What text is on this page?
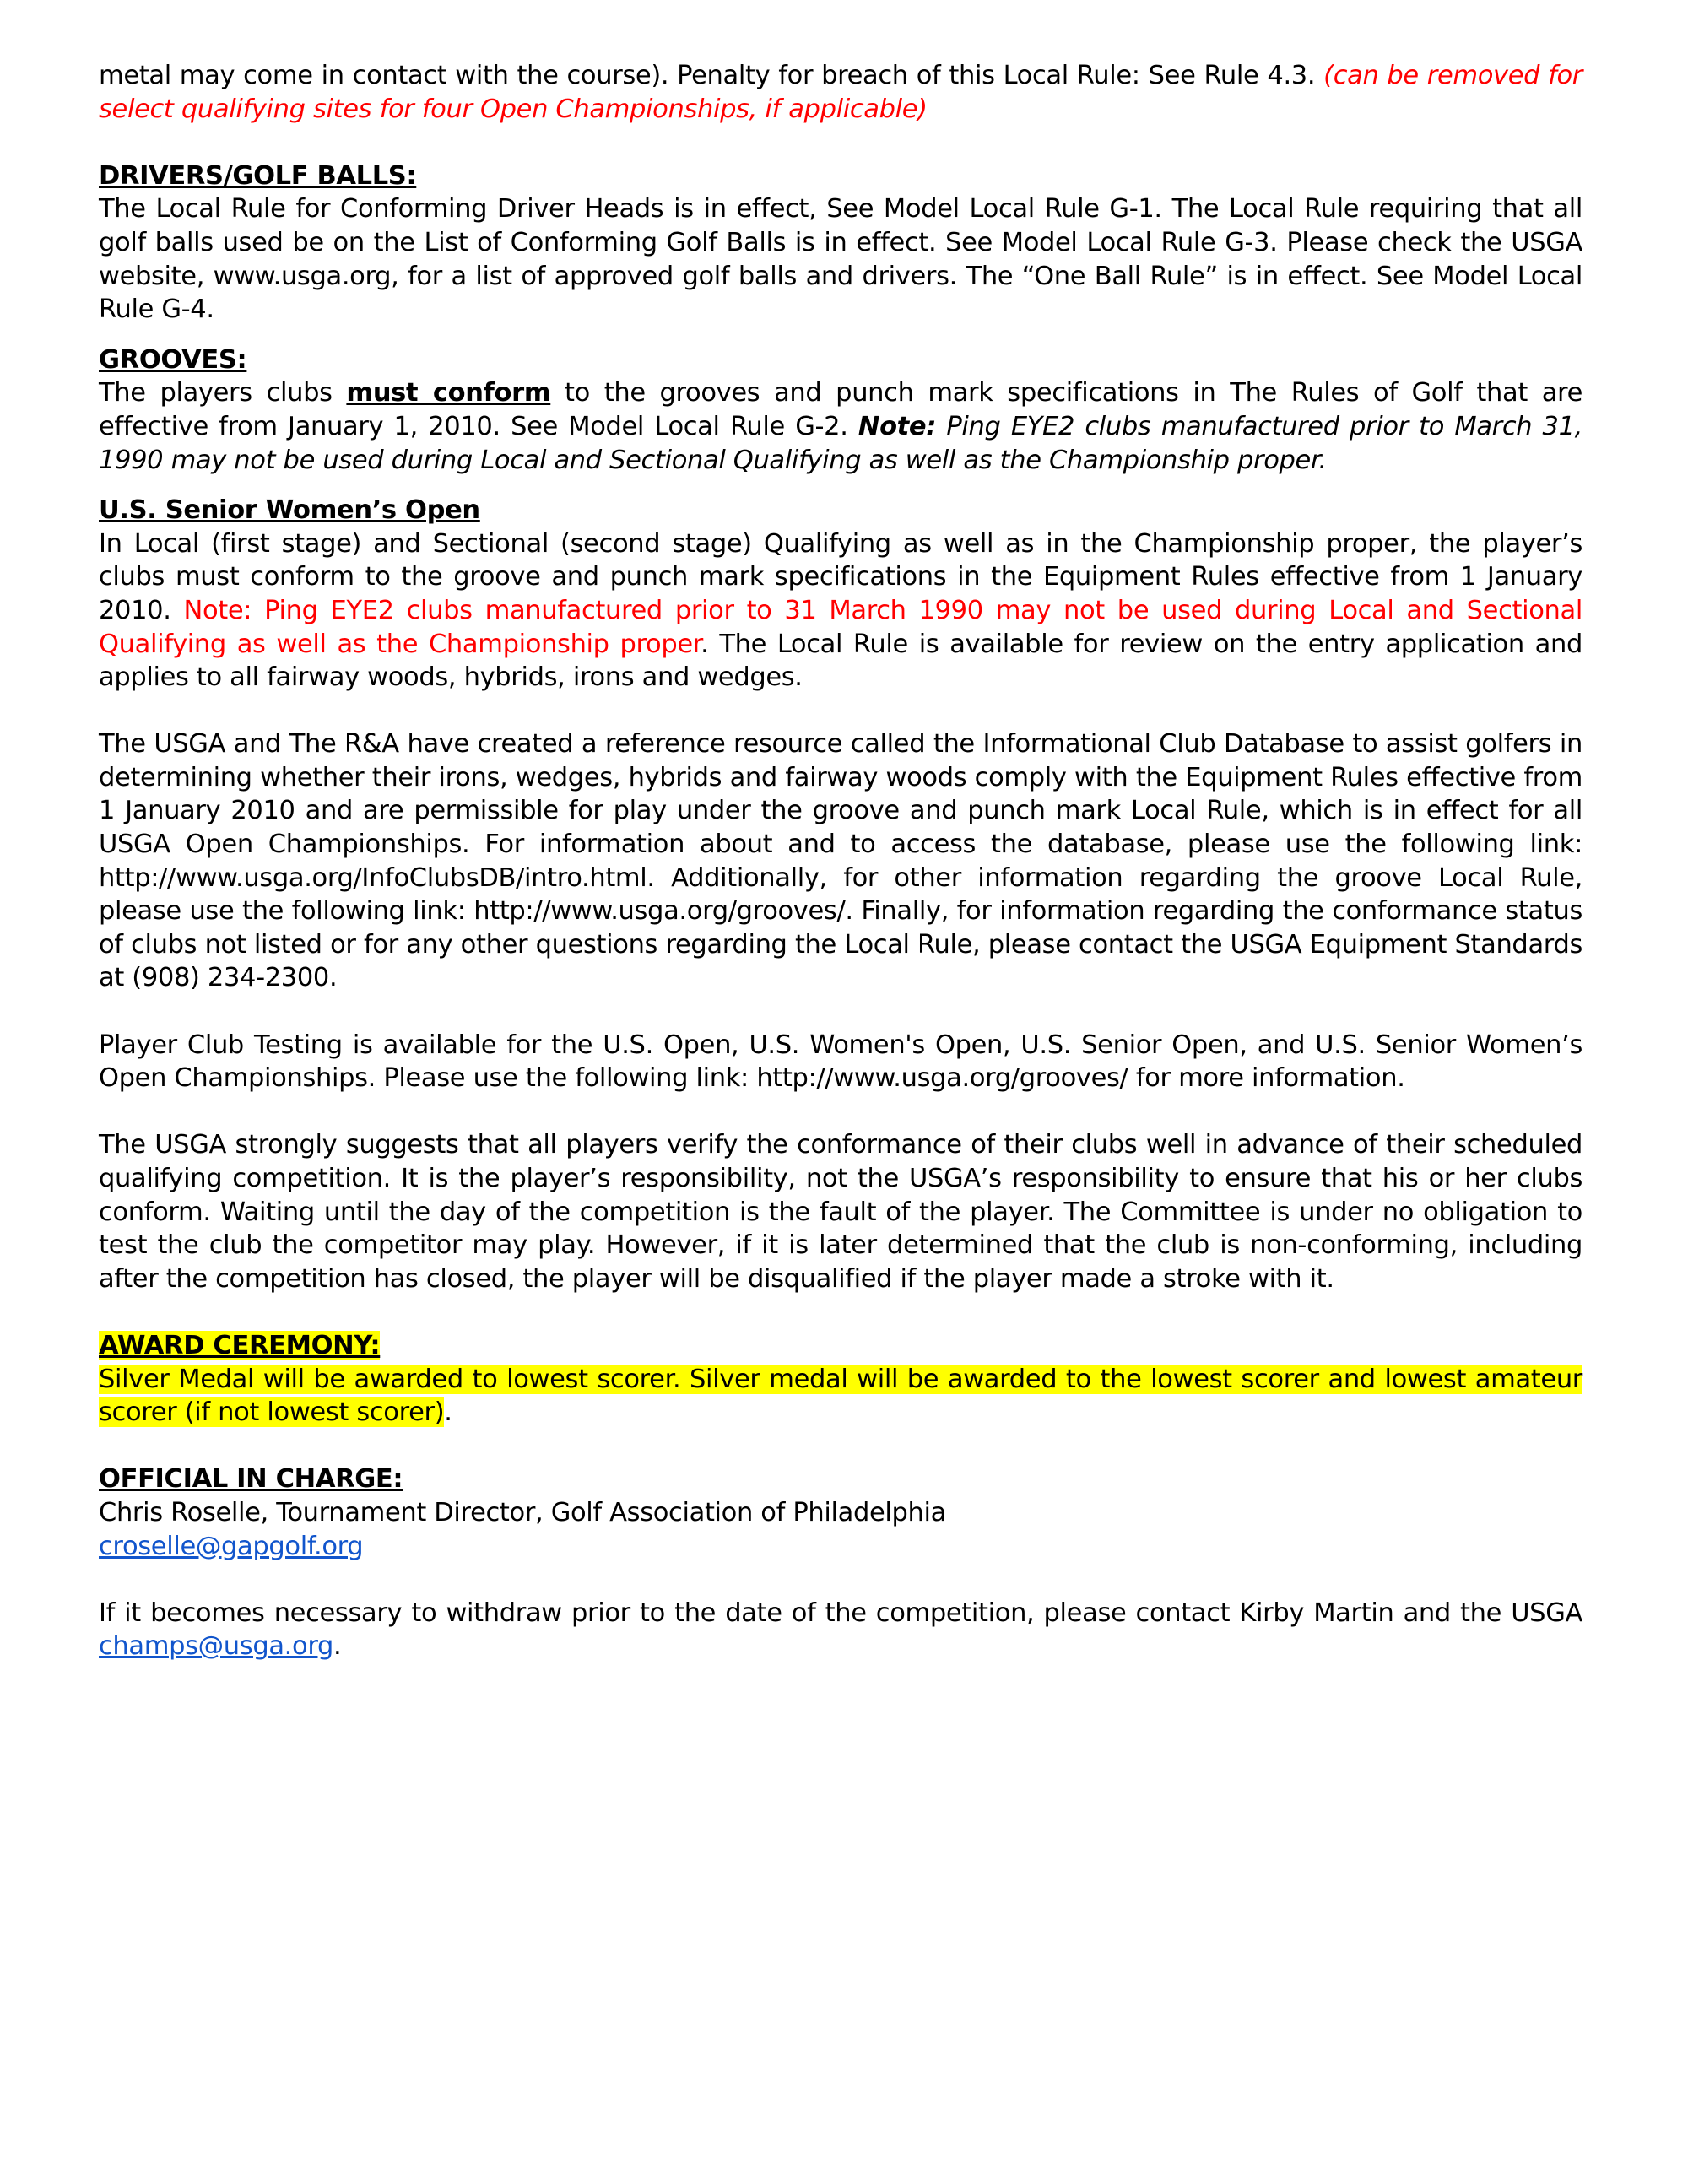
metal may come in contact with the course). Penalty for breach of this Local Rule: See Rule 4.3. (can be removed for select qualifying sites for four Open Championships, if applicable)

DRIVERS/GOLF BALLS:

The Local Rule for Conforming Driver Heads is in effect, See Model Local Rule G-1. The Local Rule requiring that all golf balls used be on the List of Conforming Golf Balls is in effect. See Model Local Rule G-3. Please check the USGA website, www.usga.org, for a list of approved golf balls and drivers. The “One Ball Rule” is in effect. See Model Local Rule G-4.

GROOVES:

The players clubs must conform to the grooves and punch mark specifications in The Rules of Golf that are effective from January 1, 2010. See Model Local Rule G-2. Note: Ping EYE2 clubs manufactured prior to March 31, 1990 may not be used during Local and Sectional Qualifying as well as the Championship proper.

U.S. Senior Women’s Open

In Local (first stage) and Sectional (second stage) Qualifying as well as in the Championship proper, the player’s clubs must conform to the groove and punch mark specifications in the Equipment Rules effective from 1 January 2010. Note: Ping EYE2 clubs manufactured prior to 31 March 1990 may not be used during Local and Sectional Qualifying as well as the Championship proper. The Local Rule is available for review on the entry application and applies to all fairway woods, hybrids, irons and wedges.

The USGA and The R&A have created a reference resource called the Informational Club Database to assist golfers in determining whether their irons, wedges, hybrids and fairway woods comply with the Equipment Rules effective from 1 January 2010 and are permissible for play under the groove and punch mark Local Rule, which is in effect for all USGA Open Championships. For information about and to access the database, please use the following link: http://www.usga.org/InfoClubsDB/intro.html. Additionally, for other information regarding the groove Local Rule, please use the following link: http://www.usga.org/grooves/. Finally, for information regarding the conformance status of clubs not listed or for any other questions regarding the Local Rule, please contact the USGA Equipment Standards at (908) 234-2300.

Player Club Testing is available for the U.S. Open, U.S. Women's Open, U.S. Senior Open, and U.S. Senior Women’s Open Championships. Please use the following link: http://www.usga.org/grooves/ for more information.

The USGA strongly suggests that all players verify the conformance of their clubs well in advance of their scheduled qualifying competition. It is the player’s responsibility, not the USGA’s responsibility to ensure that his or her clubs conform. Waiting until the day of the competition is the fault of the player. The Committee is under no obligation to test the club the competitor may play. However, if it is later determined that the club is non-conforming, including after the competition has closed, the player will be disqualified if the player made a stroke with it.

AWARD CEREMONY:

Silver Medal will be awarded to lowest scorer. Silver medal will be awarded to the lowest scorer and lowest amateur scorer (if not lowest scorer).

OFFICIAL IN CHARGE:

Chris Roselle, Tournament Director, Golf Association of Philadelphia

croselle@gapgolf.org

If it becomes necessary to withdraw prior to the date of the competition, please contact Kirby Martin and the USGA champs@usga.org.
